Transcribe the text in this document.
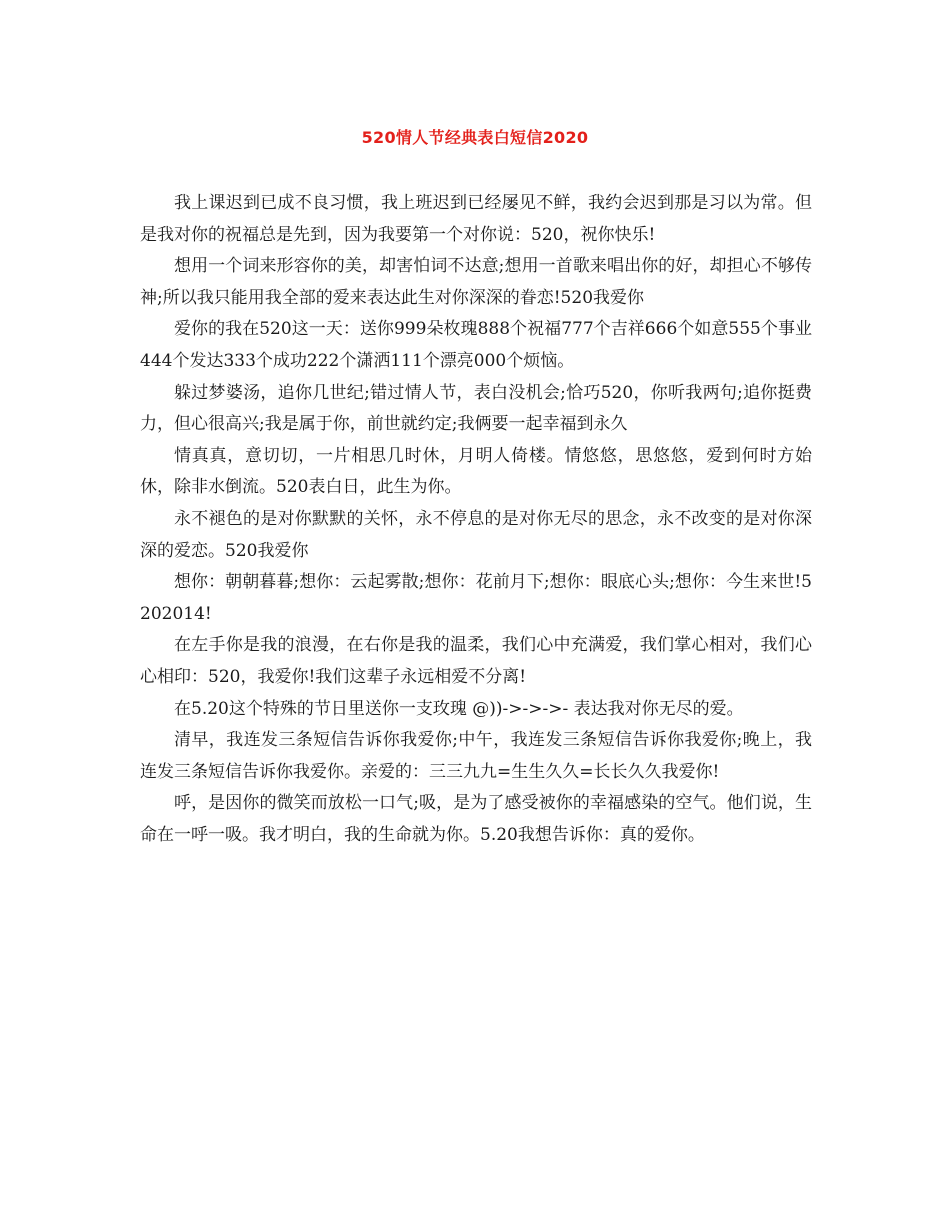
520情人节经典表白短信2020

我上课迟到已成不良习惯，我上班迟到已经屡见不鲜，我约会迟到那是习以为常。但是我对你的祝福总是先到，因为我要第一个对你说：520，祝你快乐!

想用一个词来形容你的美，却害怕词不达意;想用一首歌来唱出你的好，却担心不够传神;所以我只能用我全部的爱来表达此生对你深深的眷恋!520我爱你

爱你的我在520这一天：送你999朵枚瑰888个祝福777个吉祥666个如意555个事业444个发达333个成功222个潇洒111个漂亮000个烦恼。

躲过梦婆汤，追你几世纪;错过情人节，表白没机会;恰巧520，你听我两句;追你挺费力，但心很高兴;我是属于你，前世就约定;我俩要一起幸福到永久

情真真，意切切，一片相思几时休，月明人倚楼。情悠悠，思悠悠，爱到何时方始休，除非水倒流。520表白日，此生为你。

永不褪色的是对你默默的关怀，永不停息的是对你无尽的思念，永不改变的是对你深深的爱恋。520我爱你

想你：朝朝暮暮;想你：云起雾散;想你：花前月下;想你：眼底心头;想你：今生来世!5202014!

在左手你是我的浪漫，在右你是我的温柔，我们心中充满爱，我们掌心相对，我们心心相印：520，我爱你!我们这辈子永远相爱不分离!

在5.20这个特殊的节日里送你一支玫瑰 @))->->->- 表达我对你无尽的爱。

清早，我连发三条短信告诉你我爱你;中午，我连发三条短信告诉你我爱你;晚上，我连发三条短信告诉你我爱你。亲爱的：三三九九=生生久久=长长久久我爱你!

呼，是因你的微笑而放松一口气;吸，是为了感受被你的幸福感染的空气。他们说，生命在一呼一吸。我才明白，我的生命就为你。5.20我想告诉你：真的爱你。
